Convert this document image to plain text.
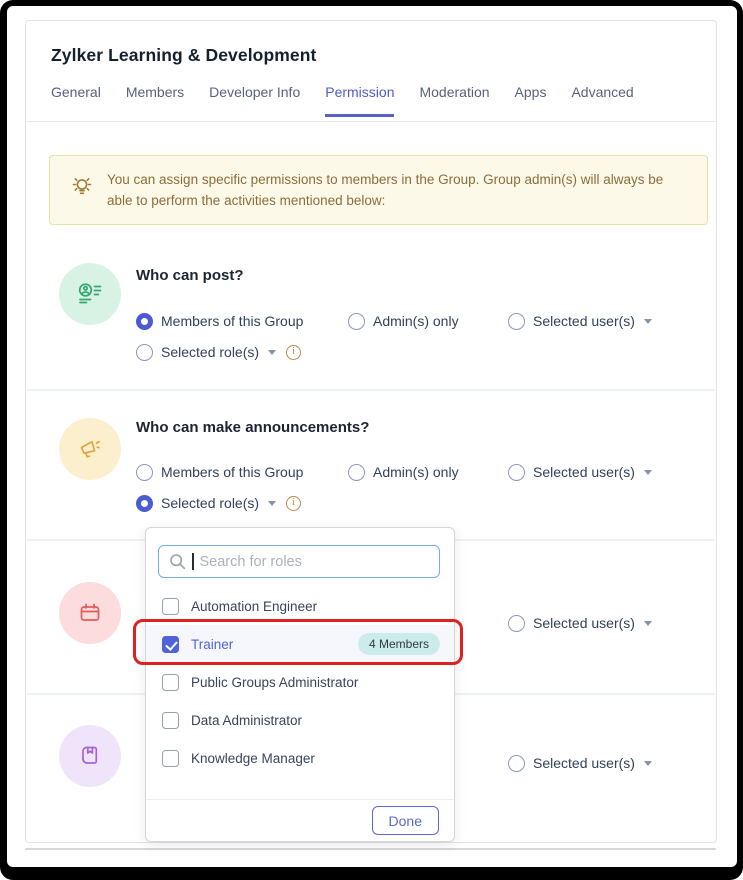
Zylker Learning & Development
General Members Developer Info Permission Moderation Apps Advanced
You can assign specific permissions to members in the Group. Group admin(s) will always be able to perform the activities mentioned below:
Who can post?
Members of this Group	Admin(s) only	Selected user(s)
Selected role(s)
i
Who can make announcements?
Members of this Group	Admin(s) only	Selected user(s)
Selected role(s)
i
Selected user(s)
Selected user(s)
Search for roles
Automation Engineer
Trainer	4 Members
Public Groups Administrator
Data Administrator
Knowledge Manager
Done
